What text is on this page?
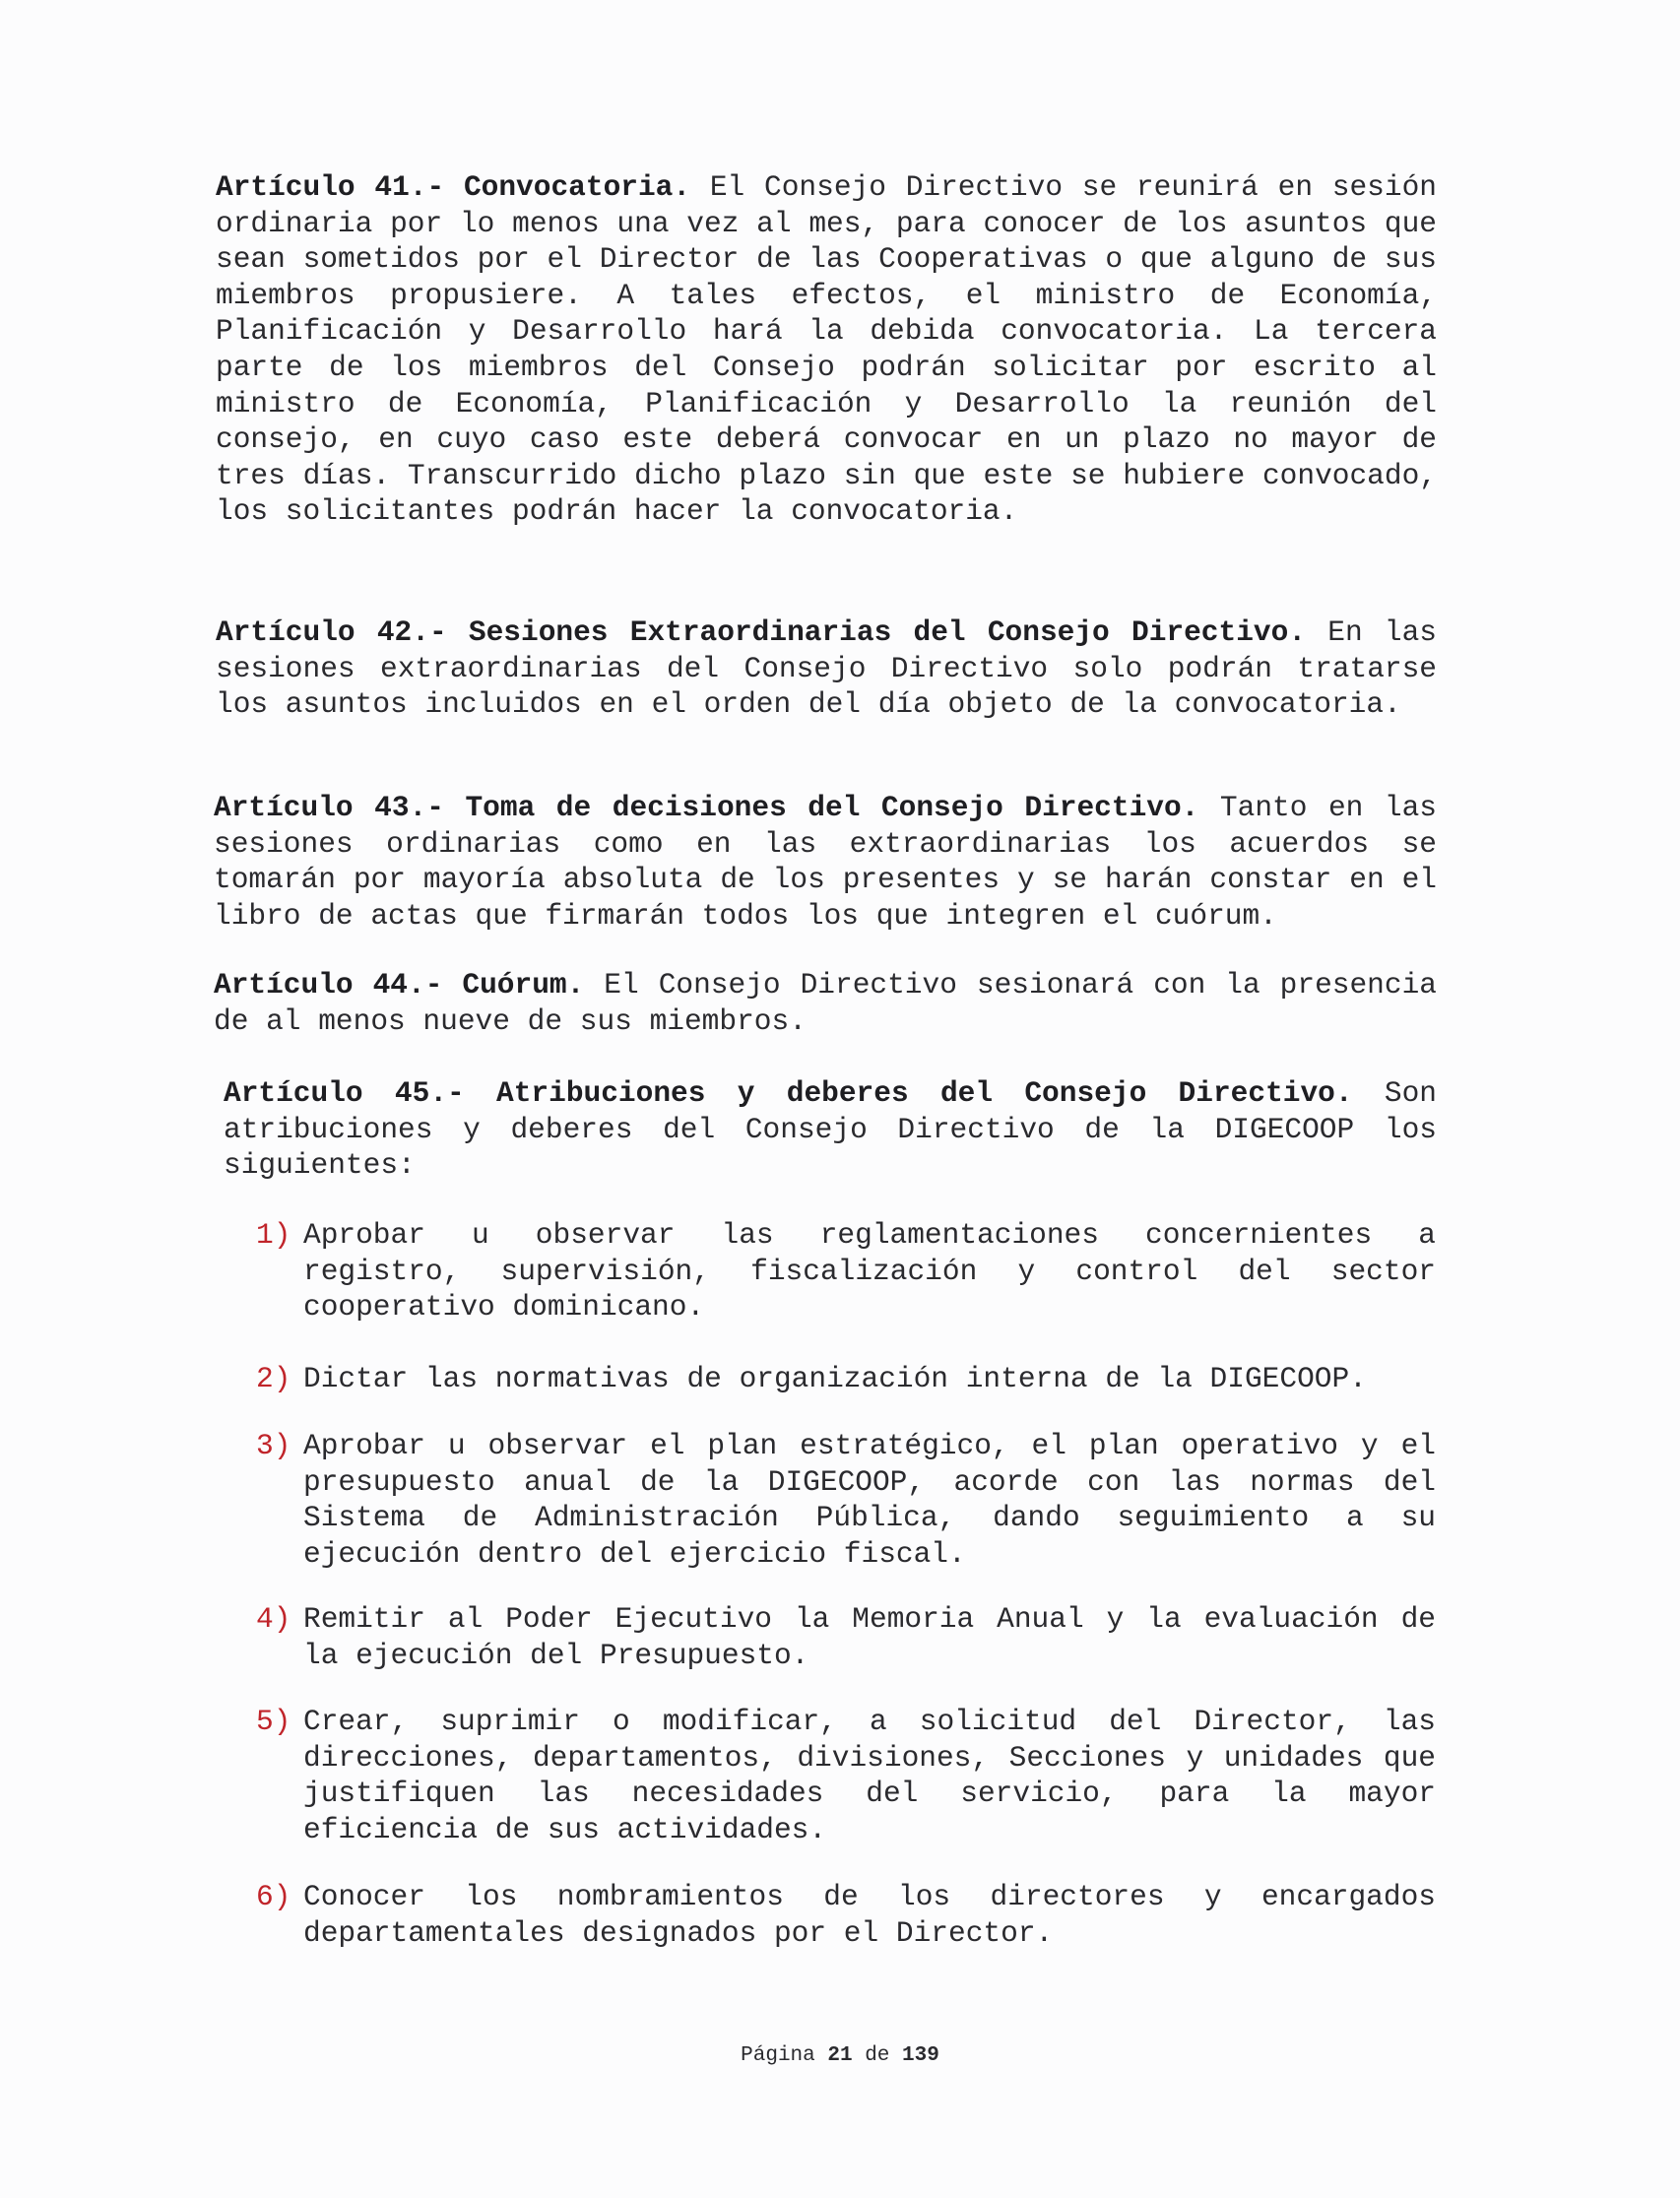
Artículo 41.- Convocatoria. El Consejo Directivo se reunirá en sesión ordinaria por lo menos una vez al mes, para conocer de los asuntos que sean sometidos por el Director de las Cooperativas o que alguno de sus miembros propusiere. A tales efectos, el ministro de Economía, Planificación y Desarrollo hará la debida convocatoria. La tercera parte de los miembros del Consejo podrán solicitar por escrito al ministro de Economía, Planificación y Desarrollo la reunión del consejo, en cuyo caso este deberá convocar en un plazo no mayor de tres días. Transcurrido dicho plazo sin que este se hubiere convocado, los solicitantes podrán hacer la convocatoria.

Artículo 42.- Sesiones Extraordinarias del Consejo Directivo. En las sesiones extraordinarias del Consejo Directivo solo podrán tratarse los asuntos incluidos en el orden del día objeto de la convocatoria.

Artículo 43.- Toma de decisiones del Consejo Directivo. Tanto en las sesiones ordinarias como en las extraordinarias los acuerdos se tomarán por mayoría absoluta de los presentes y se harán constar en el libro de actas que firmarán todos los que integren el cuórum.

Artículo 44.- Cuórum. El Consejo Directivo sesionará con la presencia de al menos nueve de sus miembros.

Artículo 45.- Atribuciones y deberes del Consejo Directivo. Son atribuciones y deberes del Consejo Directivo de la DIGECOOP los siguientes:

1) Aprobar u observar las reglamentaciones concernientes a registro, supervisión, fiscalización y control del sector cooperativo dominicano.
2) Dictar las normativas de organización interna de la DIGECOOP.
3) Aprobar u observar el plan estratégico, el plan operativo y el presupuesto anual de la DIGECOOP, acorde con las normas del Sistema de Administración Pública, dando seguimiento a su ejecución dentro del ejercicio fiscal.
4) Remitir al Poder Ejecutivo la Memoria Anual y la evaluación de la ejecución del Presupuesto.
5) Crear, suprimir o modificar, a solicitud del Director, las direcciones, departamentos, divisiones, Secciones y unidades que justifiquen las necesidades del servicio, para la mayor eficiencia de sus actividades.
6) Conocer los nombramientos de los directores y encargados departamentales designados por el Director.
Página 21 de 139
